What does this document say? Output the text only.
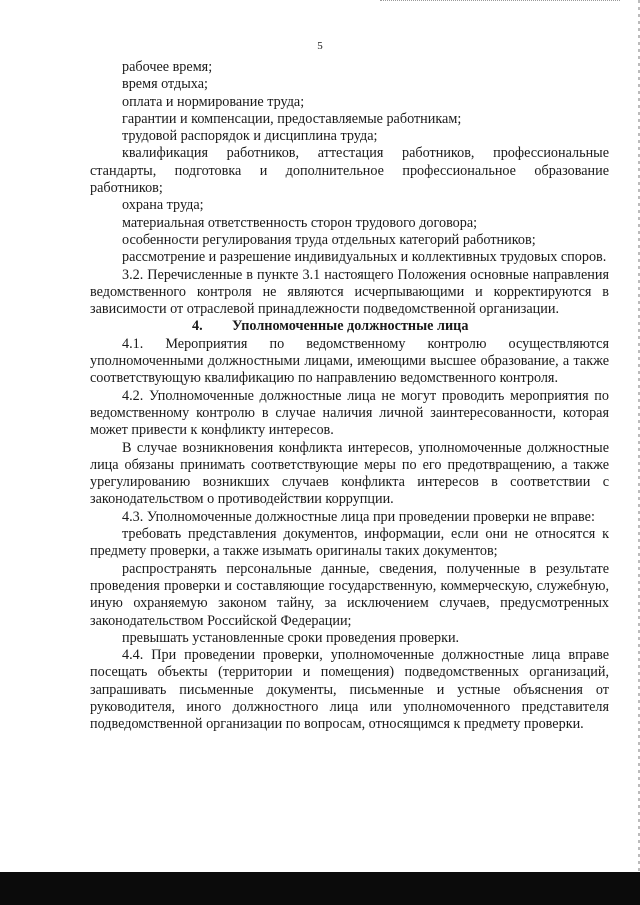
5

рабочее время;

время отдыха;

оплата и нормирование труда;

гарантии и компенсации, предоставляемые работникам;

трудовой распорядок и дисциплина труда;

квалификация работников, аттестация работников, профессиональные стандарты, подготовка и дополнительное профессиональное образование работников;

охрана труда;

материальная ответственность сторон трудового договора;

особенности регулирования труда отдельных категорий работников;

рассмотрение и разрешение индивидуальных и коллективных трудовых споров.

3.2. Перечисленные в пункте 3.1 настоящего Положения основные направления ведомственного контроля не являются исчерпывающими и корректируются в зависимости от отраслевой принадлежности подведомственной организации.

4. Уполномоченные должностные лица

4.1. Мероприятия по ведомственному контролю осуществляются уполномоченными должностными лицами, имеющими высшее образование, а также соответствующую квалификацию по направлению ведомственного контроля.

4.2. Уполномоченные должностные лица не могут проводить мероприятия по ведомственному контролю в случае наличия личной заинтересованности, которая может привести к конфликту интересов.

В случае возникновения конфликта интересов, уполномоченные должностные лица обязаны принимать соответствующие меры по его предотвращению, а также урегулированию возникших случаев конфликта интересов в соответствии с законодательством о противодействии коррупции.

4.3. Уполномоченные должностные лица при проведении проверки не вправе:

требовать представления документов, информации, если они не относятся к предмету проверки, а также изымать оригиналы таких документов;

распространять персональные данные, сведения, полученные в результате проведения проверки и составляющие государственную, коммерческую, служебную, иную охраняемую законом тайну, за исключением случаев, предусмотренных законодательством Российской Федерации;

превышать установленные сроки проведения проверки.

4.4. При проведении проверки, уполномоченные должностные лица вправе посещать объекты (территории и помещения) подведомственных организаций, запрашивать письменные документы, письменные и устные объяснения от руководителя, иного должностного лица или уполномоченного представителя подведомственной организации по вопросам, относящимся к предмету проверки.
